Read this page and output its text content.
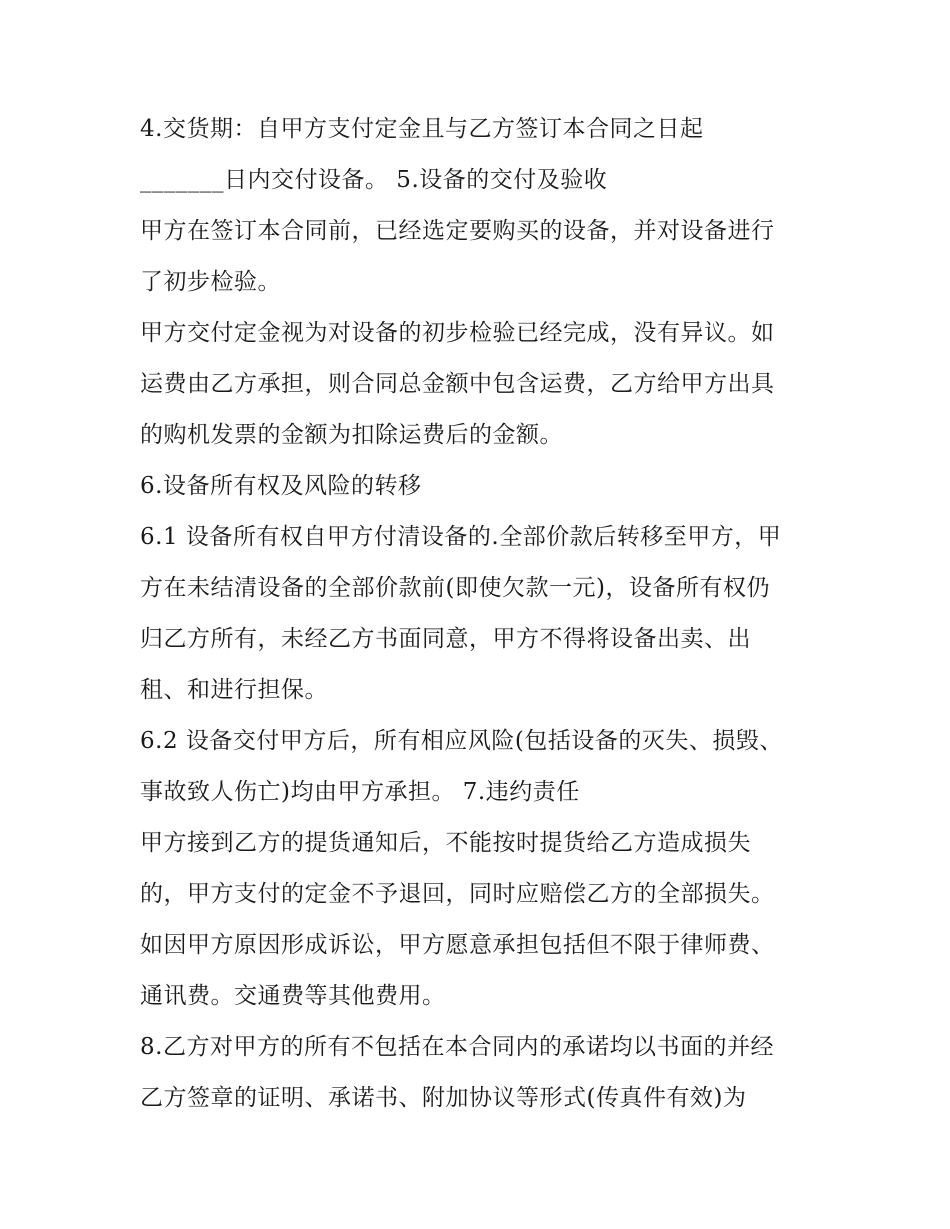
4.交货期：自甲方支付定金且与乙方签订本合同之日起
_______日内交付设备。 5.设备的交付及验收
甲方在签订本合同前，已经选定要购买的设备，并对设备进行
了初步检验。
甲方交付定金视为对设备的初步检验已经完成，没有异议。如
运费由乙方承担，则合同总金额中包含运费，乙方给甲方出具
的购机发票的金额为扣除运费后的金额。
6.设备所有权及风险的转移
6.1 设备所有权自甲方付清设备的.全部价款后转移至甲方，甲
方在未结清设备的全部价款前(即使欠款一元)，设备所有权仍
归乙方所有，未经乙方书面同意，甲方不得将设备出卖、出
租、和进行担保。
6.2 设备交付甲方后，所有相应风险(包括设备的灭失、损毁、
事故致人伤亡)均由甲方承担。 7.违约责任
甲方接到乙方的提货通知后，不能按时提货给乙方造成损失
的，甲方支付的定金不予退回，同时应赔偿乙方的全部损失。
如因甲方原因形成诉讼，甲方愿意承担包括但不限于律师费、
通讯费。交通费等其他费用。
8.乙方对甲方的所有不包括在本合同内的承诺均以书面的并经
乙方签章的证明、承诺书、附加协议等形式(传真件有效)为
